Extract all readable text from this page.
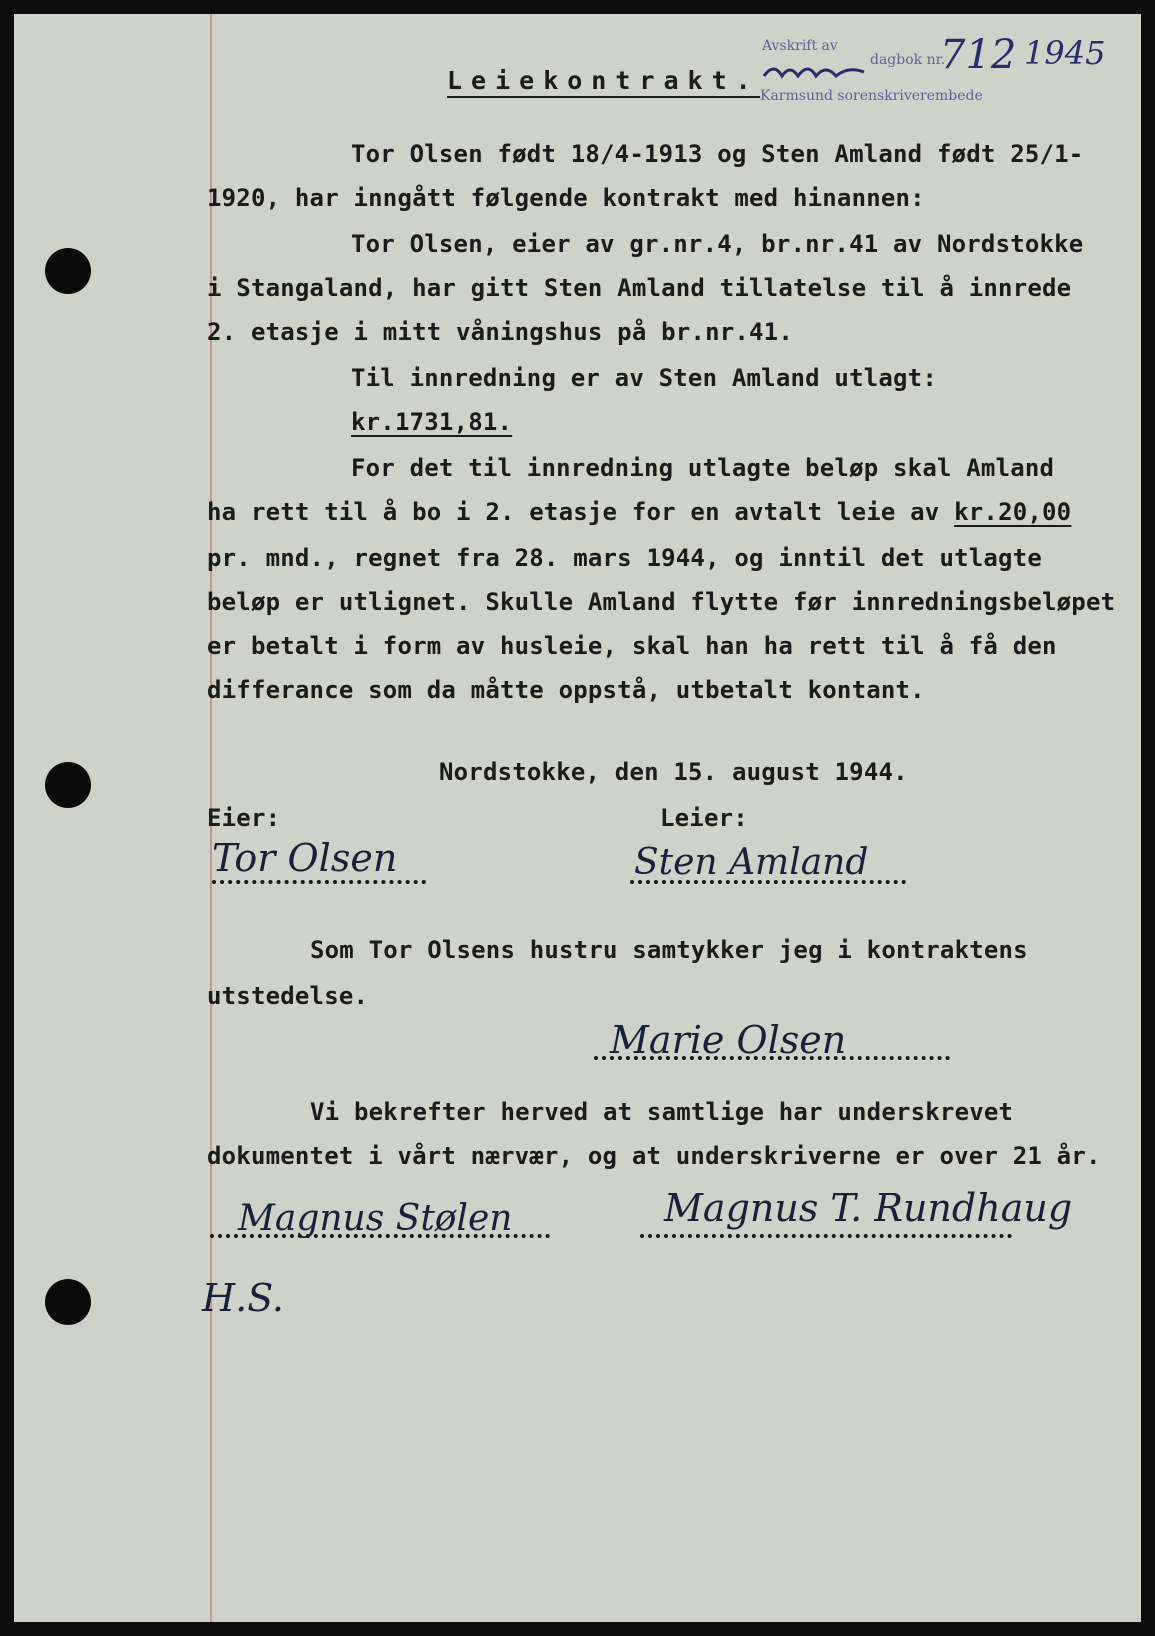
Avskrift av
dagbok nr.
712 1945
Karmsund sorenskriverembede
Leiekontrakt.
Tor Olsen født 18/4-1913 og Sten Amland født 25/1-
1920, har inngått følgende kontrakt med hinannen:
Tor Olsen, eier av gr.nr.4, br.nr.41 av Nordstokke
i Stangaland, har gitt Sten Amland tillatelse til å innrede
2. etasje i mitt våningshus på br.nr.41.
Til innredning er av Sten Amland utlagt:
kr.1731,81.
For det til innredning utlagte beløp skal Amland
ha rett til å bo i 2. etasje for en avtalt leie av kr.20,00
pr. mnd., regnet fra 28. mars 1944, og inntil det utlagte
beløp er utlignet. Skulle Amland flytte før innredningsbeløpet
er betalt i form av husleie, skal han ha rett til å få den
differance som da måtte oppstå, utbetalt kontant.
Nordstokke, den 15. august 1944.
Eier:	Leier:
Tor Olsen	Sten Amland
Som Tor Olsens hustru samtykker jeg i kontraktens
utstedelse.
Marie Olsen
Vi bekrefter herved at samtlige har underskrevet
dokumentet i vårt nærvær, og at underskriverne er over 21 år.
Magnus Stølen	Magnus T. Rundhaug
H.S.
